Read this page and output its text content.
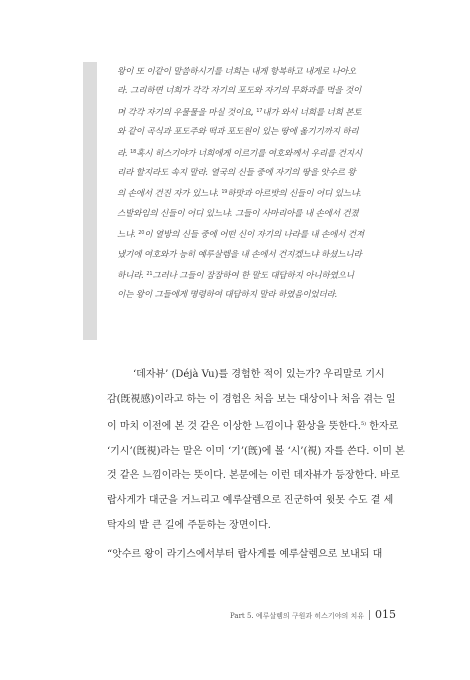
왕이 또 이같이 말씀하시기를 너희는 내게 항복하고 내게로 나아오
라. 그리하면 너희가 각각 자기의 포도와 자기의 무화과를 먹을 것이
며 각각 자기의 우물물을 마실 것이요, $^{17}$내가 와서 너희를 너희 본토
와 같이 곡식과 포도주와 떡과 포도원이 있는 땅에 옮기기까지 하리
라. $^{18}$혹시 히스기야가 너희에게 이르기를 여호와께서 우리를 건지시
리라 할지라도 속지 말라. 열국의 신들 중에 자기의 땅을 앗수르 왕
의 손에서 건진 자가 있느냐. $^{19}$하맛과 아르밧의 신들이 어디 있느냐.
스발와임의 신들이 어디 있느냐. 그들이 사마리아를 내 손에서 건졌
느냐. $^{20}$이 열방의 신들 중에 어떤 신이 자기의 나라를 내 손에서 건져
냈기에 여호와가 능히 예루살렘을 내 손에서 건지겠느냐 하셨느니라
하니라. $^{21}$그러나 그들이 잠잠하여 한 말도 대답하지 아니하였으니
이는 왕이 그들에게 명령하여 대답하지 말라 하였음이었더라.
‘데자뷰’ (Déjà Vu)를 경험한 적이 있는가? 우리말로 기시
감(旣視感)이라고 하는 이 경험은 처음 보는 대상이나 처음 겪는 일
이 마치 이전에 본 것 같은 이상한 느낌이나 환상을 뜻한다.$^{5)}$ 한자로
‘기시’(旣視)라는 말은 이미 ‘기’(旣)에 볼 ‘시’(視) 자를 쓴다. 이미 본
것 같은 느낌이라는 뜻이다. 본문에는 이런 데자뷰가 등장한다. 바로
랍사게가 대군을 거느리고 예루살렘으로 진군하여 윗못 수도 곁 세
탁자의 밭 큰 길에 주둔하는 장면이다.
“앗수르 왕이 라기스에서부터 랍사게를 예루살렘으로 보내되 대
Part 5. 예루살렘의 구원과 히스기야의 치유 015
